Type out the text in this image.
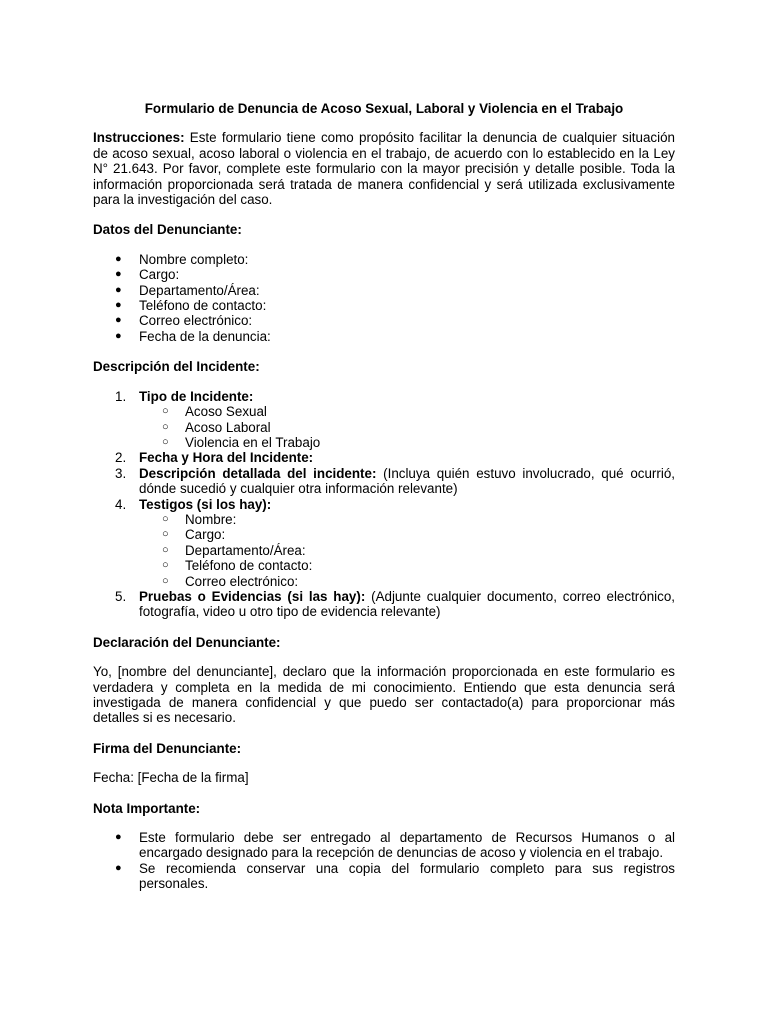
Formulario de Denuncia de Acoso Sexual, Laboral y Violencia en el Trabajo

Instrucciones: Este formulario tiene como propósito facilitar la denuncia de cualquier situación de acoso sexual, acoso laboral o violencia en el trabajo, de acuerdo con lo establecido en la Ley N° 21.643. Por favor, complete este formulario con la mayor precisión y detalle posible. Toda la información proporcionada será tratada de manera confidencial y será utilizada exclusivamente para la investigación del caso.

Datos del Denunciante:
● Nombre completo:
● Cargo:
● Departamento/Área:
● Teléfono de contacto:
● Correo electrónico:
● Fecha de la denuncia:
Descripción del Incidente:
1. Tipo de Incidente:
○ Acoso Sexual
○ Acoso Laboral
○ Violencia en el Trabajo
2. Fecha y Hora del Incidente:
3. Descripción detallada del incidente: (Incluya quién estuvo involucrado, qué ocurrió, dónde sucedió y cualquier otra información relevante)
4. Testigos (si los hay):
○ Nombre:
○ Cargo:
○ Departamento/Área:
○ Teléfono de contacto:
○ Correo electrónico:
5. Pruebas o Evidencias (si las hay): (Adjunte cualquier documento, correo electrónico, fotografía, video u otro tipo de evidencia relevante)
Declaración del Denunciante:

Yo, [nombre del denunciante], declaro que la información proporcionada en este formulario es verdadera y completa en la medida de mi conocimiento. Entiendo que esta denuncia será investigada de manera confidencial y que puedo ser contactado(a) para proporcionar más detalles si es necesario.

Firma del Denunciante:

Fecha: [Fecha de la firma]

Nota Importante:
● Este formulario debe ser entregado al departamento de Recursos Humanos o al encargado designado para la recepción de denuncias de acoso y violencia en el trabajo.
● Se recomienda conservar una copia del formulario completo para sus registros personales.
